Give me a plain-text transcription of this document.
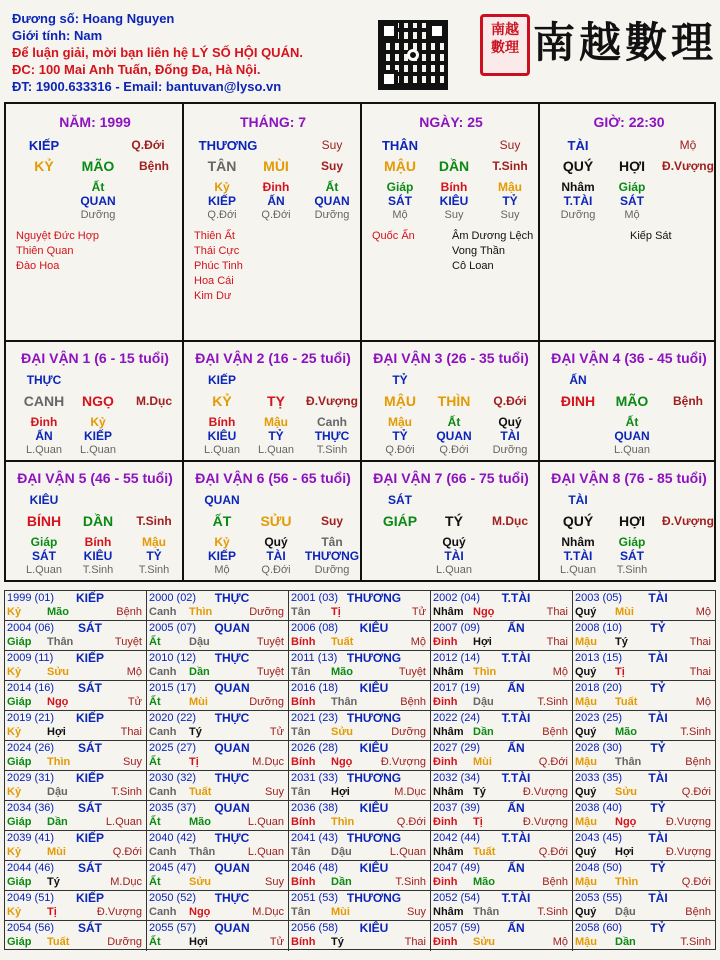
Đương số: Hoang Nguyen
Giới tính: Nam
Để luận giải, mời bạn liên hệ LÝ SỐ HỘI QUÁN.
ĐC: 100 Mai Anh Tuấn, Đống Đa, Hà Nội.
ĐT: 1900.633316 - Email: bantuvan@lyso.vn
南越
數理 南越數理
NĂM: 1999
KIẾP	Q.Đới
KỶ MÃO Bệnh
Ất
QUAN
Dưỡng
Nguyệt Đức Hợp
Thiên Quan
Đào Hoa
THÁNG: 7
THƯƠNG	Suy
TÂN MÙI	Suy
Kỷ
KIẾP
Q.Đới
Đinh
ẤN
Q.Đới
Ất
QUAN
Dưỡng
Thiên Ất
Thái Cực
Phúc Tinh
Hoa Cái
Kim Dư
NGÀY: 25
THÂN	Suy
MẬU DẦN T.Sinh
Giáp
SÁT
Mộ
Bính
KIÊU
Suy
Mậu
TỶ
Suy
Quốc Ấn	Âm Dương Lệch
Vong Thần
Cô Loan
GIỜ: 22:30
TÀI	Mộ
QUÝ HỢI Đ.Vượng
Nhâm
T.TÀI
Dưỡng
Giáp
SÁT
Mộ
Kiếp Sát
ĐẠI VẬN 1 (6 - 15 tuổi)
THỰC
CANH NGỌ M.Dục
Đinh
ẤN
L.Quan
Kỷ
KIẾP
L.Quan
ĐẠI VẬN 2 (16 - 25 tuổi)
KIẾP
KỶ	TỴ Đ.Vượng
Bính
KIÊU
L.Quan
Mậu
TỶ
L.Quan
Canh
THỰC
T.Sinh
ĐẠI VẬN 3 (26 - 35 tuổi)
TỶ
MẬU THÌN Q.Đới
Mậu
TỶ
Q.Đới
Ất
QUAN
Q.Đới
Quý
TÀI
Dưỡng
ĐẠI VẬN 4 (36 - 45 tuổi)
ẤN
ĐINH MÃO Bệnh
Ất
QUAN
L.Quan
ĐẠI VẬN 5 (46 - 55 tuổi)
KIÊU
BÍNH DẦN T.Sinh
Giáp
SÁT
L.Quan
Bính
KIÊU
T.Sinh
Mậu
TỶ
T.Sinh
ĐẠI VẬN 6 (56 - 65 tuổi)
QUAN
ẤT SỬU Suy
Kỷ
KIẾP
Mộ
Quý
TÀI
Q.Đới
Tân
THƯƠNG
Dưỡng
ĐẠI VẬN 7 (66 - 75 tuổi)
SÁT
GIÁP TÝ M.Dục
Quý
TÀI
L.Quan
ĐẠI VẬN 8 (76 - 85 tuổi)
TÀI
QUÝ HỢI Đ.Vượng
Nhâm
T.TÀI
L.Quan
Giáp
SÁT
T.Sinh
1999 (01)	KIẾP
Kỷ Mão	Bệnh
2000 (02)	THỰC
Canh Thìn	Dưỡng
2001 (03) THƯƠNG
Tân Tị	Tử
2002 (04)	T.TÀI
Nhâm Ngọ	Thai
2003 (05)	TÀI
Quý Mùi	Mộ
2004 (06)	SÁT
Giáp Thân	Tuyệt
2005 (07)	QUAN
Ất	Dậu	Tuyệt
2006 (08)	KIÊU
Bính Tuất	Mộ
2007 (09)	ẤN
Đinh Hợi	Thai
2008 (10)	TỶ
Mậu Tý	Thai
2009 (11)	KIẾP
Kỷ Sửu	Mộ
2010 (12)	THỰC
Canh Dần	Tuyệt
2011 (13) THƯƠNG
Tân Mão	Tuyệt
2012 (14)	T.TÀI
Nhâm Thìn	Mộ
2013 (15)	TÀI
Quý Tị	Thai
2014 (16)	SÁT
Giáp Ngọ	Tử
2015 (17)	QUAN
Ất	Mùi	Dưỡng
2016 (18)	KIÊU
Bính Thân	Bệnh
2017 (19)	ẤN
Đinh Dậu	T.Sinh
2018 (20)	TỶ
Mậu Tuất	Mộ
2019 (21)	KIẾP
Kỷ Hợi	Thai
2020 (22)	THỰC
Canh Tý	Tử
2021 (23) THƯƠNG
Tân Sửu	Dưỡng
2022 (24)	T.TÀI
Nhâm Dần	Bệnh
2023 (25)	TÀI
Quý Mão	T.Sinh
2024 (26)	SÁT
Giáp Thìn	Suy
2025 (27)	QUAN
Ất	Tị	M.Dục
2026 (28)	KIÊU
Bính Ngọ	Đ.Vượng
2027 (29)	ẤN
Đinh Mùi	Q.Đới
2028 (30)	TỶ
Mậu Thân	Bệnh
2029 (31)	KIẾP
Kỷ Dậu	T.Sinh
2030 (32)	THỰC
Canh Tuất	Suy
2031 (33) THƯƠNG
Tân Hợi	M.Dục
2032 (34)	T.TÀI
Nhâm Tý	Đ.Vượng
2033 (35)	TÀI
Quý Sửu	Q.Đới
2034 (36)	SÁT
Giáp Dần	L.Quan
2035 (37)	QUAN
Ất	Mão	L.Quan
2036 (38)	KIÊU
Bính Thìn	Q.Đới
2037 (39)	ẤN
Đinh Tị	Đ.Vượng
2038 (40)	TỶ
Mậu Ngọ	Đ.Vượng
2039 (41)	KIẾP
Kỷ Mùi	Q.Đới
2040 (42)	THỰC
Canh Thân	L.Quan
2041 (43) THƯƠNG
Tân Dậu	L.Quan
2042 (44)	T.TÀI
Nhâm Tuất	Q.Đới
2043 (45)	TÀI
Quý Hợi	Đ.Vượng
2044 (46)	SÁT
Giáp Tý	M.Dục
2045 (47)	QUAN
Ất	Sửu	Suy
2046 (48)	KIÊU
Bính Dần	T.Sinh
2047 (49)	ẤN
Đinh Mão	Bệnh
2048 (50)	TỶ
Mậu Thìn	Q.Đới
2049 (51)	KIẾP
Kỷ Tị	Đ.Vượng
2050 (52)	THỰC
Canh Ngọ	M.Dục
2051 (53) THƯƠNG
Tân Mùi	Suy
2052 (54)	T.TÀI
Nhâm Thân	T.Sinh
2053 (55)	TÀI
Quý Dậu	Bệnh
2054 (56)	SÁT
Giáp Tuất	Dưỡng
2055 (57)	QUAN
Ất	Hợi	Tử
2056 (58)	KIÊU
Bính Tý	Thai
2057 (59)	ẤN
Đinh Sửu	Mộ
2058 (60)	TỶ
Mậu Dần	T.Sinh
